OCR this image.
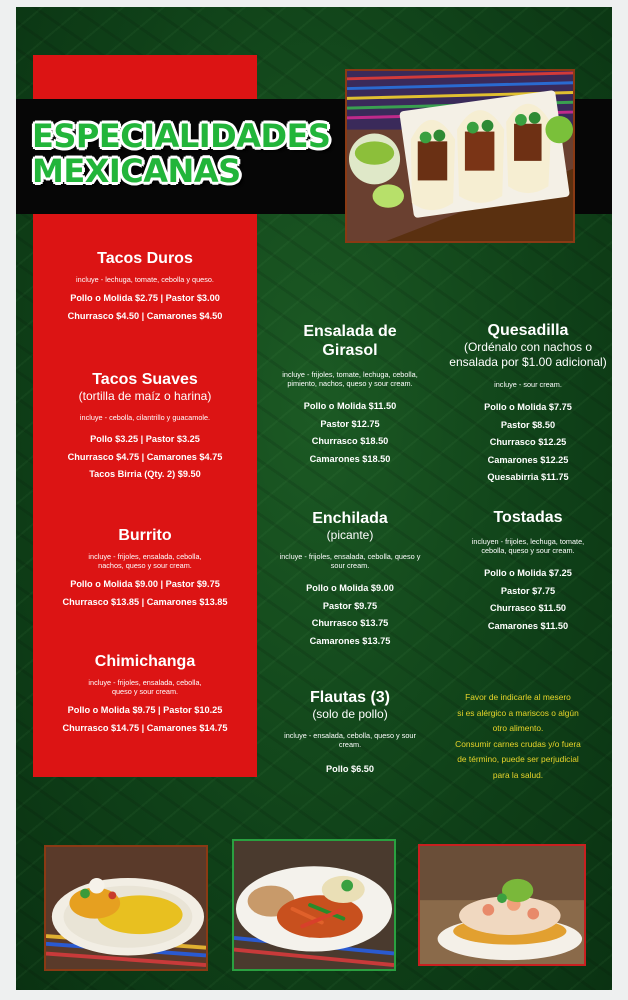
ESPECIALIDADES
MEXICANAS
Tacos Duros

incluye - lechuga, tomate, cebolla y queso.

Pollo o Molida $2.75 | Pastor $3.00

Churrasco $4.50 | Camarones $4.50

Tacos Suaves

(tortilla de maíz o harina)

incluye - cebolla, cilantrillo y guacamole.

Pollo $3.25 | Pastor $3.25

Churrasco $4.75 | Camarones $4.75

Tacos Birria (Qty. 2) $9.50

Burrito

incluye - frijoles, ensalada, cebolla, nachos, queso y sour cream.

Pollo o Molida $9.00 | Pastor $9.75

Churrasco $13.85 | Camarones $13.85

Chimichanga

incluye - frijoles, ensalada, cebolla, queso y sour cream.

Pollo o Molida $9.75 | Pastor $10.25

Churrasco $14.75 | Camarones $14.75

Ensalada de Girasol

incluye - frijoles, tomate, lechuga, cebolla, pimiento, nachos, queso y sour cream.

Pollo o Molida $11.50

Pastor $12.75

Churrasco $18.50

Camarones $18.50

Enchilada

(picante)

incluye - frijoles, ensalada, cebolla, queso y sour cream.

Pollo o Molida $9.00

Pastor $9.75

Churrasco $13.75

Camarones $13.75

Flautas (3)

(solo de pollo)

incluye - ensalada, cebolla, queso y sour cream.

Pollo $6.50

Quesadilla

(Ordénalo con nachos o ensalada por $1.00 adicional)

incluye - sour cream.

Pollo o Molida $7.75

Pastor $8.50

Churrasco $12.25

Camarones $12.25

Quesabirria $11.75

Tostadas

incluyen - frijoles, lechuga, tomate, cebolla, queso y sour cream.

Pollo o Molida $7.25

Pastor $7.75

Churrasco $11.50

Camarones $11.50

Favor de indicarle al mesero

si es alérgico a mariscos o algún

otro alimento.

Consumir carnes crudas y/o fuera

de término, puede ser perjudicial

para la salud.
